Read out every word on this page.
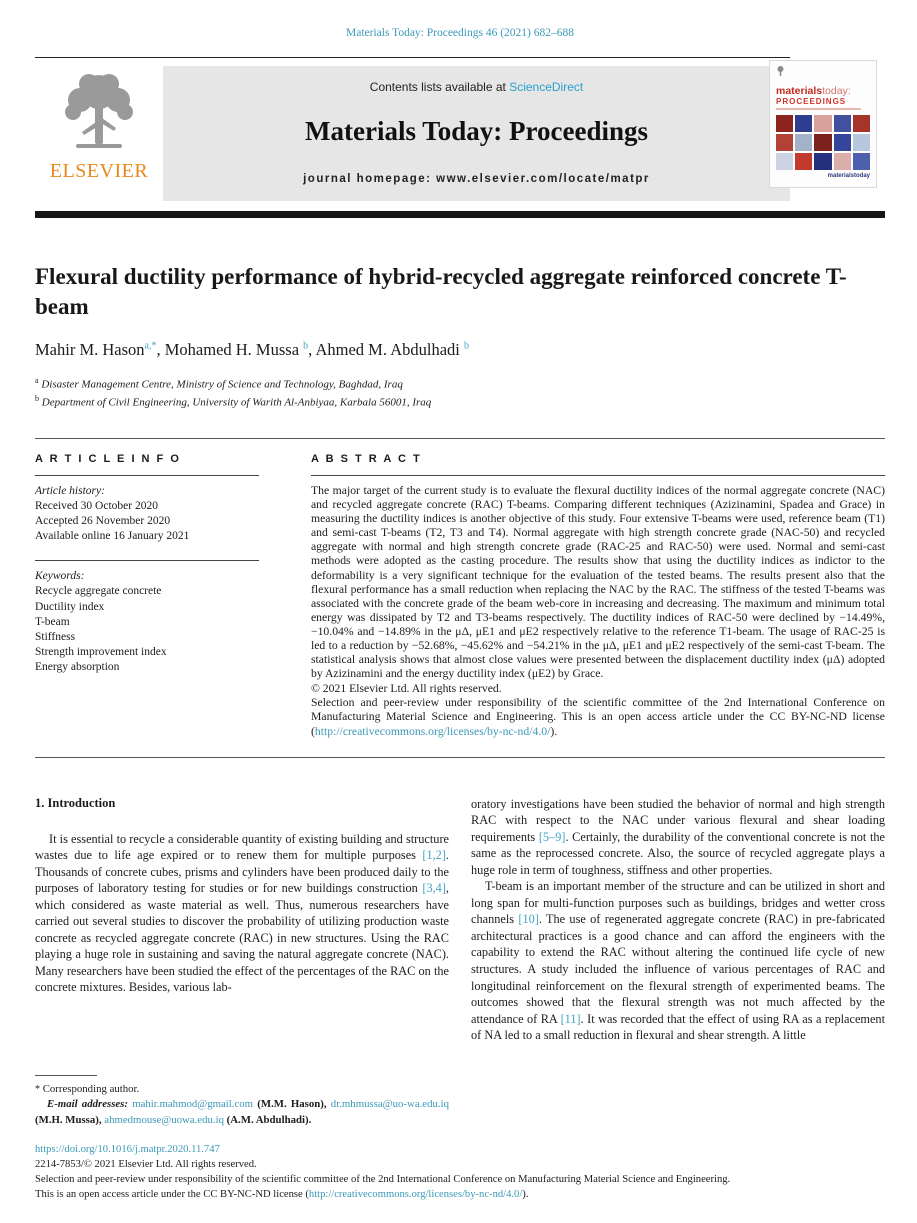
Materials Today: Proceedings 46 (2021) 682–688
ELSEVIER
Contents lists available at ScienceDirect
Materials Today: Proceedings
journal homepage: www.elsevier.com/locate/matpr
materialstoday:
PROCEEDINGS
materialstoday
Flexural ductility performance of hybrid-recycled aggregate reinforced concrete T-beam
Mahir M. Hason$^{a,*}$, Mohamed H. Mussa $^b$, Ahmed M. Abdulhadi $^b$
$^a$ Disaster Management Centre, Ministry of Science and Technology, Baghdad, Iraq
$^b$ Department of Civil Engineering, University of Warith Al-Anbiyaa, Karbala 56001, Iraq
A R T I C L E I N F O
Article history:
Received 30 October 2020
Accepted 26 November 2020
Available online 16 January 2021
Keywords:
Recycle aggregate concrete
Ductility index
T-beam
Stiffness
Strength improvement index
Energy absorption
A B S T R A C T
The major target of the current study is to evaluate the flexural ductility indices of the normal aggregate concrete (NAC) and recycled aggregate concrete (RAC) T-beams. Comparing different techniques (Azizinamini, Spadea and Grace) in measuring the ductility indices is another objective of this study. Four extensive T-beams were used, reference beam (T1) and semi-cast T-beams (T2, T3 and T4). Normal aggregate with high strength concrete grade (NAC-50) and recycled aggregate with normal and high strength concrete grade (RAC-25 and RAC-50) were used. Normal and semi-cast methods were adopted as the casting procedure. The results show that using the ductility indices as indictor to the deformability is a very significant technique for the evaluation of the tested beams. The results present also that the flexural performance has a small reduction when replacing the NAC by the RAC. The stiffness of the tested T-beams was associated with the concrete grade of the beam web-core in increasing and decreasing. The maximum and minimum total energy was dissipated by T2 and T3-beams respectively. The ductility indices of RAC-50 were declined by −14.49%, −10.04% and −14.89% in the μΔ, μE1 and μE2 respectively relative to the reference T1-beam. The usage of RAC-25 is led to a reduction by −52.68%, −45.62% and −54.21% in the μΔ, μE1 and μE2 respectively of the semi-cast T-beam. The statistical analysis shows that almost close values were presented between the displacement ductility index (μΔ) adopted by Azizinamini and the energy ductility index (μE2) by Grace.
© 2021 Elsevier Ltd. All rights reserved.
Selection and peer-review under responsibility of the scientific committee of the 2nd International Conference on Manufacturing Material Science and Engineering. This is an open access article under the CC BY-NC-ND license (http://creativecommons.org/licenses/by-nc-nd/4.0/).
1. Introduction

It is essential to recycle a considerable quantity of existing building and structure wastes due to life age expired or to renew them for multiple purposes [1,2]. Thousands of concrete cubes, prisms and cylinders have been produced daily to the purposes of laboratory testing for studies or for new buildings construction [3,4], which considered as waste material as well. Thus, numerous researchers have carried out several studies to discover the probability of utilizing production waste concrete as recycled aggregate concrete (RAC) in new structures. Using the RAC playing a huge role in sustaining and saving the natural aggregate concrete (NAC). Many researchers have been studied the effect of the percentages of the RAC on the concrete mixtures. Besides, various lab-

* Corresponding author.

E-mail addresses: mahir.mahmod@gmail.com (M.M. Hason), dr.mhmussa@uo-wa.edu.iq (M.H. Mussa), ahmedmouse@uowa.edu.iq (A.M. Abdulhadi).

oratory investigations have been studied the behavior of normal and high strength RAC with respect to the NAC under various flexural and shear loading requirements [5–9]. Certainly, the durability of the conventional concrete is not the same as the reprocessed concrete. Also, the source of recycled aggregate plays a huge role in term of toughness, stiffness and other properties.

T-beam is an important member of the structure and can be utilized in short and long span for multi-function purposes such as buildings, bridges and wetter cross channels [10]. The use of regenerated aggregate concrete (RAC) in pre-fabricated architectural practices is a good chance and can afford the engineers with the capability to extend the RAC without altering the continued life cycle of new structures. A study included the influence of various percentages of RAC and longitudinal reinforcement on the flexural strength of experimented beams. The outcomes showed that the flexural strength was not much affected by the attendance of RA [11]. It was recorded that the effect of using RA as a replacement of NA led to a small reduction in flexural and shear strength. A little

https://doi.org/10.1016/j.matpr.2020.11.747
2214-7853/© 2021 Elsevier Ltd. All rights reserved.
Selection and peer-review under responsibility of the scientific committee of the 2nd International Conference on Manufacturing Material Science and Engineering.
This is an open access article under the CC BY-NC-ND license (http://creativecommons.org/licenses/by-nc-nd/4.0/).
